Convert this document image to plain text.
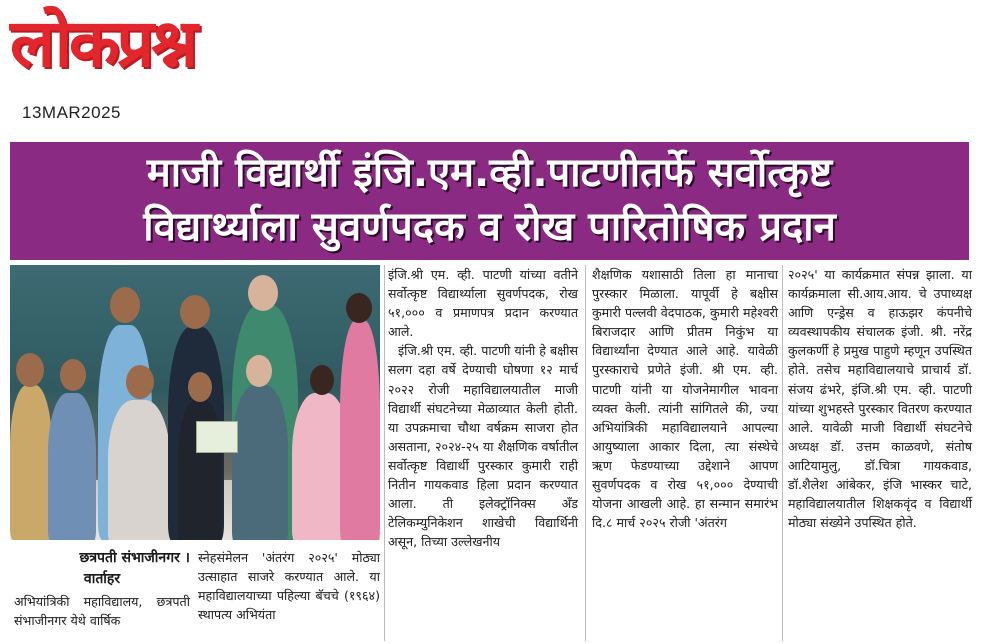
लोकप्रश्न
13MAR2025
माजी विद्यार्थी इंजि.एम.व्ही.पाटणीतर्फे सर्वोत्कृष्ट
विद्यार्थ्याला सुवर्णपदक व रोख पारितोषिक प्रदान
छत्रपती संभाजीनगर ।
वार्ताहर

अभियांत्रिकी महाविद्यालय, छत्रपती संभाजीनगर येथे वार्षिक

स्नेहसंमेलन 'अंतरंग २०२५' मोठ्या उत्साहात साजरे करण्यात आले. या महाविद्यालयाच्या पहिल्या बॅचचे (१९६४) स्थापत्य अभियंता

इंजि.श्री एम. व्ही. पाटणी यांच्या वतीने सर्वोत्कृष्ट विद्यार्थ्याला सुवर्णपदक, रोख ५१,००० व प्रमाणपत्र प्रदान करण्यात आले.

इंजि.श्री एम. व्ही. पाटणी यांनी हे बक्षीस सलग दहा वर्षे देण्याची घोषणा १२ मार्च २०२२ रोजी महाविद्यालयातील माजी विद्यार्थी संघटनेच्या मेळाव्यात केली होती. या उपक्रमाचा चौथा वर्षक्रम साजरा होत असताना, २०२४-२५ या शैक्षणिक वर्षातील सर्वोत्कृष्ट विद्यार्थी पुरस्कार कुमारी राही नितीन गायकवाड हिला प्रदान करण्यात आला. ती इलेक्ट्रॉनिक्स अँड टेलिकम्युनिकेशन शाखेची विद्यार्थिनी असून, तिच्या उल्लेखनीय

शैक्षणिक यशासाठी तिला हा मानाचा पुरस्कार मिळाला. यापूर्वी हे बक्षीस कुमारी पल्लवी वेदपाठक, कुमारी महेश्वरी बिराजदार आणि प्रीतम निकुंभ या विद्यार्थ्यांना देण्यात आले आहे. यावेळी पुरस्काराचे प्रणेते इंजी. श्री एम. व्ही. पाटणी यांनी या योजनेमागील भावना व्यक्त केली. त्यांनी सांगितले की, ज्या अभियांत्रिकी महाविद्यालयाने आपल्या आयुष्याला आकार दिला, त्या संस्थेचे ऋण फेडण्याच्या उद्देशाने आपण सुवर्णपदक व रोख ५१,००० देण्याची योजना आखली आहे. हा सन्मान समारंभ दि.८ मार्च २०२५ रोजी 'अंतरंग

२०२५' या कार्यक्रमात संपन्न झाला. या कार्यक्रमाला सी.आय.आय. चे उपाध्यक्ष आणि एन्ड्रेस व हाऊझर कंपनीचे व्यवस्थापकीय संचालक इंजी. श्री. नरेंद्र कुलकर्णी हे प्रमुख पाहुणे म्हणून उपस्थित होते. तसेच महाविद्यालयाचे प्राचार्य डॉ. संजय ढंभरे, इंजि.श्री एम. व्ही. पाटणी यांच्या शुभहस्ते पुरस्कार वितरण करण्यात आले. यावेळी माजी विद्यार्थी संघटनेचे अध्यक्ष डॉ. उत्तम काळवणे, संतोष आटियामुलु, डॉ.चित्रा गायकवाड, डॉ.शैलेश आंबेकर, इंजि भास्कर चाटे, महाविद्यालयातील शिक्षकवृंद व विद्यार्थी मोठ्या संख्येने उपस्थित होते.
